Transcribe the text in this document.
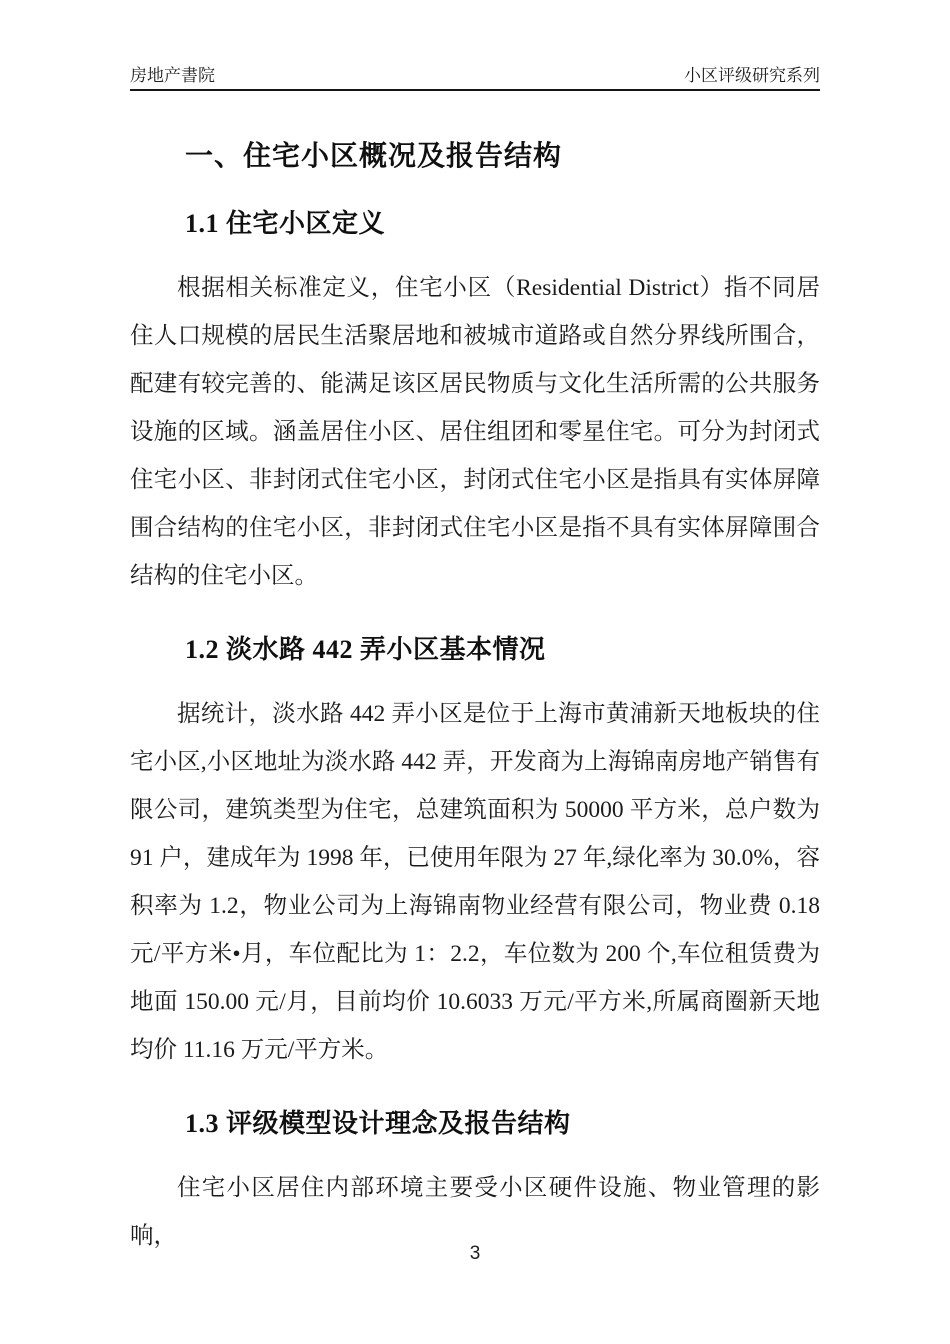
房地产書院	小区评级研究系列
一、住宅小区概况及报告结构
1.1 住宅小区定义

根据相关标准定义，住宅小区（Residential District）指不同居住人口规模的居民生活聚居地和被城市道路或自然分界线所围合，配建有较完善的、能满足该区居民物质与文化生活所需的公共服务设施的区域。涵盖居住小区、居住组团和零星住宅。可分为封闭式住宅小区、非封闭式住宅小区，封闭式住宅小区是指具有实体屏障围合结构的住宅小区，非封闭式住宅小区是指不具有实体屏障围合结构的住宅小区。

1.2 淡水路 442 弄小区基本情况

据统计，淡水路 442 弄小区是位于上海市黄浦新天地板块的住宅小区,小区地址为淡水路 442 弄，开发商为上海锦南房地产销售有限公司，建筑类型为住宅，总建筑面积为 50000 平方米，总户数为 91 户，建成年为 1998 年，已使用年限为 27 年,绿化率为 30.0%，容积率为 1.2，物业公司为上海锦南物业经营有限公司，物业费 0.18 元/平方米•月，车位配比为 1：2.2，车位数为 200 个,车位租赁费为地面 150.00 元/月，目前均价 10.6033 万元/平方米,所属商圈新天地均价 11.16 万元/平方米。

1.3 评级模型设计理念及报告结构

住宅小区居住内部环境主要受小区硬件设施、物业管理的影响，

3
